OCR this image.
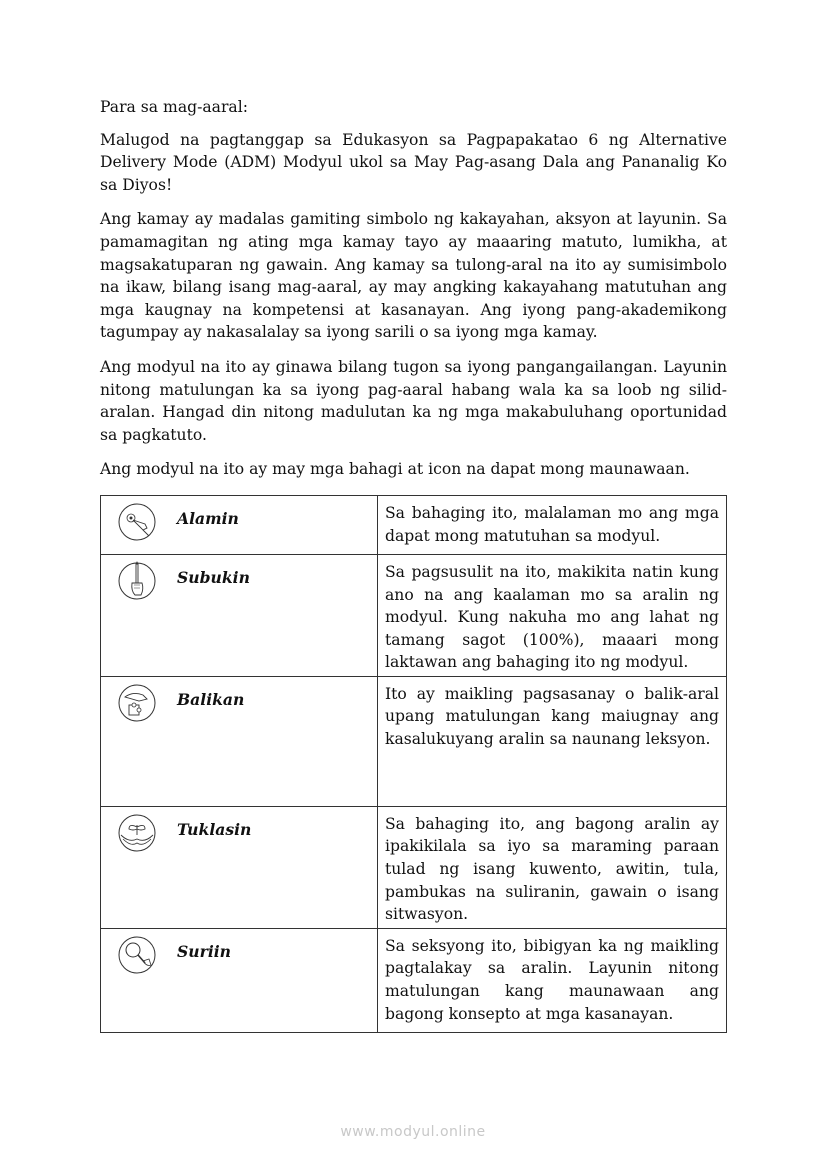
Para sa mag-aaral:

Malugod na pagtanggap sa Edukasyon sa Pagpapakatao 6 ng Alternative Delivery Mode (ADM) Modyul ukol sa May Pag-asang Dala ang Pananalig Ko sa Diyos!

Ang kamay ay madalas gamiting simbolo ng kakayahan, aksyon at layunin. Sa pamamagitan ng ating mga kamay tayo ay maaaring matuto, lumikha, at magsakatuparan ng gawain. Ang kamay sa tulong-aral na ito ay sumisimbolo na ikaw, bilang isang mag-aaral, ay may angking kakayahang matutuhan ang mga kaugnay na kompetensi at kasanayan. Ang iyong pang-akademikong tagumpay ay nakasalalay sa iyong sarili o sa iyong mga kamay.

Ang modyul na ito ay ginawa bilang tugon sa iyong pangangailangan. Layunin nitong matulungan ka sa iyong pag-aaral habang wala ka sa loob ng silid-aralan. Hangad din nitong madulutan ka ng mga makabuluhang oportunidad sa pagkatuto.

Ang modyul na ito ay may mga bahagi at icon na dapat mong maunawaan.

Alamin	Sa bahaging ito, malalaman mo ang mga dapat mong matutuhan sa modyul.

Subukin	Sa pagsusulit na ito, makikita natin kung ano na ang kaalaman mo sa aralin ng modyul. Kung nakuha mo ang lahat ng tamang sagot (100%), maaari mong laktawan ang bahaging ito ng modyul.

Balikan	Ito ay maikling pagsasanay o balik-aral upang matulungan kang maiugnay ang kasalukuyang aralin sa naunang leksyon.

Tuklasin	Sa bahaging ito, ang bagong aralin ay ipakikilala sa iyo sa maraming paraan tulad ng isang kuwento, awitin, tula, pambukas na suliranin, gawain o isang sitwasyon.

Suriin	Sa seksyong ito, bibigyan ka ng maikling pagtalakay sa aralin. Layunin nitong matulungan kang maunawaan ang bagong konsepto at mga kasanayan.
www.modyul.online
